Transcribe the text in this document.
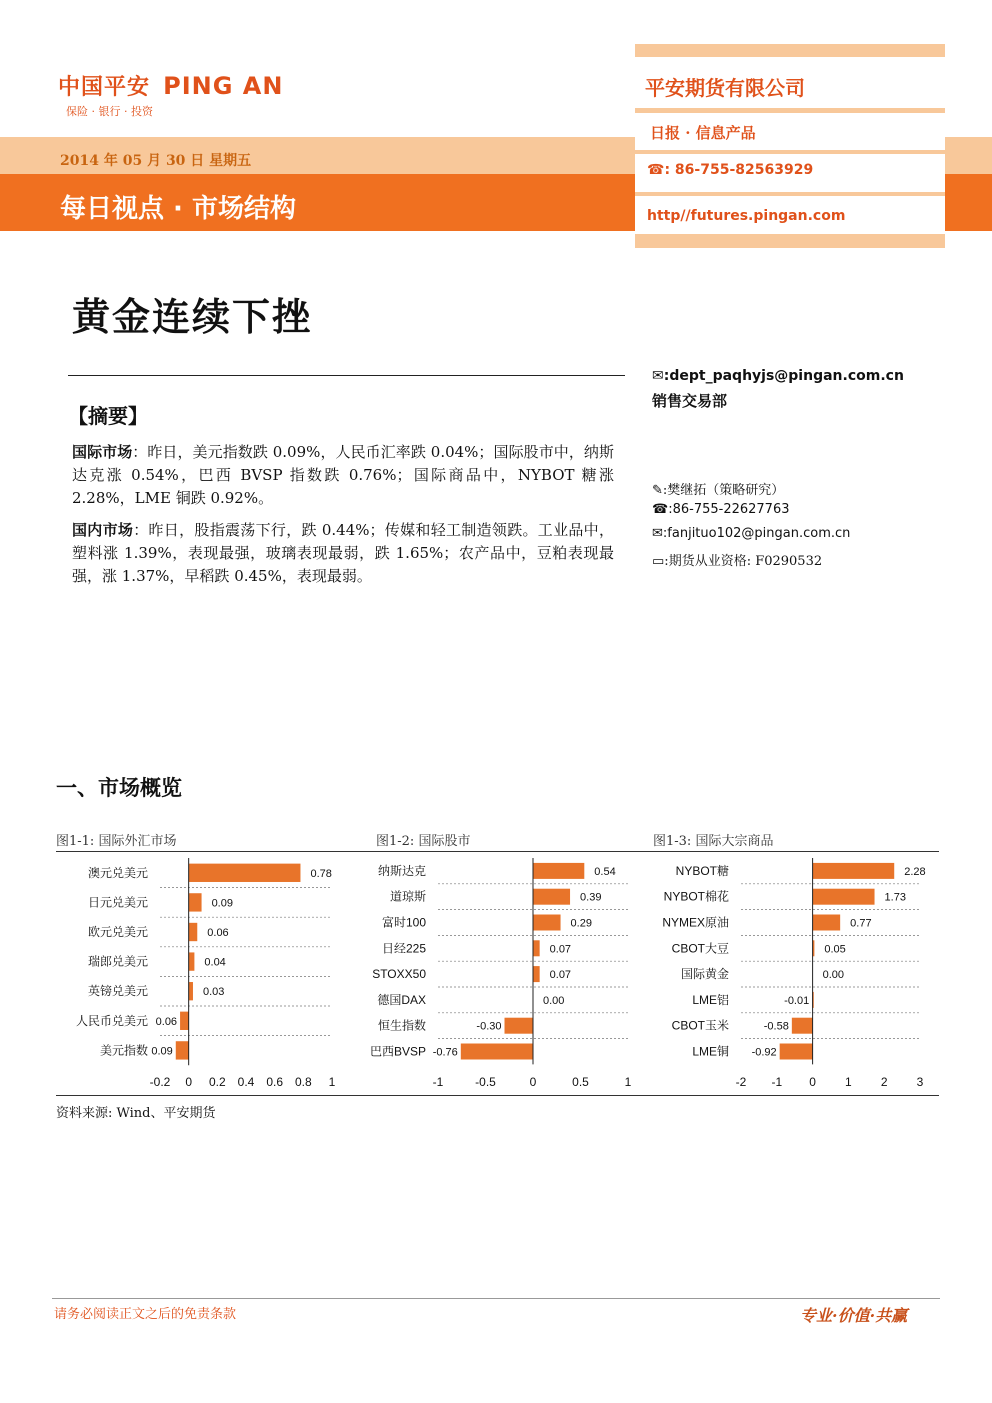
中国平安 PING AN
保险 · 银行 · 投资
2014 年 05 月 30 日 星期五
每日视点 · 市场结构
平安期货有限公司
日报 · 信息产品
☎: 86-755-82563929
http//futures.pingan.com
黄金连续下挫
✉:dept_paqhyjs@pingan.com.cn
销售交易部
✎:樊继拓（策略研究）
☎:86-755-22627763
✉:fanjituo102@pingan.com.cn
▭:期货从业资格: F0290532
【摘要】
国际市场：昨日，美元指数跌 0.09%，人民币汇率跌 0.04%；国际股市中，纳斯达克涨 0.54%，巴西 BVSP 指数跌 0.76%；国际商品中，NYBOT 糖涨 2.28%，LME 铜跌 0.92%。
国内市场：昨日，股指震荡下行，跌 0.44%；传媒和轻工制造领跌。工业品中，塑料涨 1.39%，表现最强，玻璃表现最弱，跌 1.65%；农产品中，豆粕表现最强，涨 1.37%，早稻跌 0.45%，表现最弱。
一、市场概览
图1-1: 国际外汇市场	图1-2: 国际股市	图1-3: 国际大宗商品
澳元兑美元	0.78
日元兑美元	0.09
欧元兑美元	0.06
瑞郎兑美元	0.04
英镑兑美元	0.03
人民币兑美元 0.06
美元指数 0.09
-0.2 0 0.2 0.4 0.6 0.8 1
纳斯达克	0.54
道琼斯	0.39
富时100	0.29
日经225	0.07
STOXX50	0.07
德国DAX	0.00
恒生指数	-0.30
巴西BVSP -0.76
-1	-0.5	0	0.5	1
NYBOT糖	2.28
NYBOT棉花	1.73
NYMEX原油	0.77
CBOT大豆	0.05
国际黄金	0.00
LME铝	-0.01
CBOT玉米	-0.58
LME铜 -0.92
-2 -1 0 1 2 3
资料来源: Wind、平安期货
请务必阅读正文之后的免责条款	专业·价值·共赢
